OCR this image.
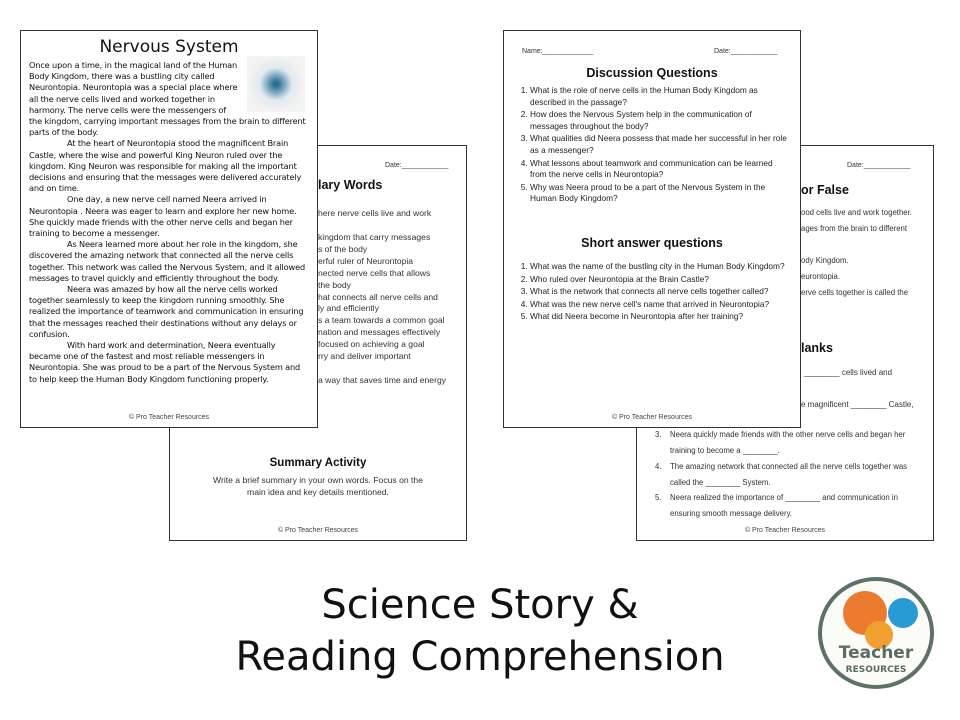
Date:____________
lary Words
here nerve cells live and work
kingdom that carry messages
s of the body
erful ruler of Neurontopia
nected nerve cells that allows
the body
hat connects all nerve cells and
ly and efficiently
s a team towards a common goal
nation and messages effectively
focused on achieving a goal
rry and deliver important
a way that saves time and energy
Summary Activity
Write a brief summary in your own words. Focus on the
main idea and key details mentioned.
© Pro Teacher Resources
Date:____________
or False
ood cells live and work together.
ages from the brain to different
ody Kingdom.
eurontopia.
erve cells together is called the
lanks
________ cells lived and
e magnificent ________ Castle,
3. Neera quickly made friends with the other nerve cells and began her
training to become a ________.
4. The amazing network that connected all the nerve cells together was
called the ________ System.
5. Neera realized the importance of ________ and communication in
ensuring smooth message delivery.
© Pro Teacher Resources
Nervous System

Once upon a time, in the magical land of the Human Body Kingdom, there was a bustling city called Neurontopia. Neurontopia was a special place where all the nerve cells lived and worked together in harmony. The nerve cells were the messengers of the kingdom, carrying important messages from the brain to different parts of the body.

At the heart of Neurontopia stood the magnificent Brain Castle, where the wise and powerful King Neuron ruled over the kingdom. King Neuron was responsible for making all the important decisions and ensuring that the messages were delivered accurately and on time.

One day, a new nerve cell named Neera arrived in Neurontopia . Neera was eager to learn and explore her new home. She quickly made friends with the other nerve cells and began her training to become a messenger.

As Neera learned more about her role in the kingdom, she discovered the amazing network that connected all the nerve cells together. This network was called the Nervous System, and it allowed messages to travel quickly and efficiently throughout the body.

Neera was amazed by how all the nerve cells worked together seamlessly to keep the kingdom running smoothly. She realized the importance of teamwork and communication in ensuring that the messages reached their destinations without any delays or confusion.

With hard work and determination, Neera eventually became one of the fastest and most reliable messengers in Neurontopia. She was proud to be a part of the Nervous System and to help keep the Human Body Kingdom functioning properly.

© Pro Teacher Resources
Name:_____________	Date:____________
Discussion Questions
1. What is the role of nerve cells in the Human Body Kingdom as described in the passage?
2. How does the Nervous System help in the communication of messages throughout the body?
3. What qualities did Neera possess that made her successful in her role as a messenger?
4. What lessons about teamwork and communication can be learned from the nerve cells in Neurontopia?
5. Why was Neera proud to be a part of the Nervous System in the Human Body Kingdom?
Short answer questions
1. What was the name of the bustling city in the Human Body Kingdom?
2. Who ruled over Neurontopia at the Brain Castle?
3. What is the network that connects all nerve cells together called?
4. What was the new nerve cell's name that arrived in Neurontopia?
5. What did Neera become in Neurontopia after her training?
© Pro Teacher Resources
Science Story &
Reading Comprehension	Teacher
RESOURCES
